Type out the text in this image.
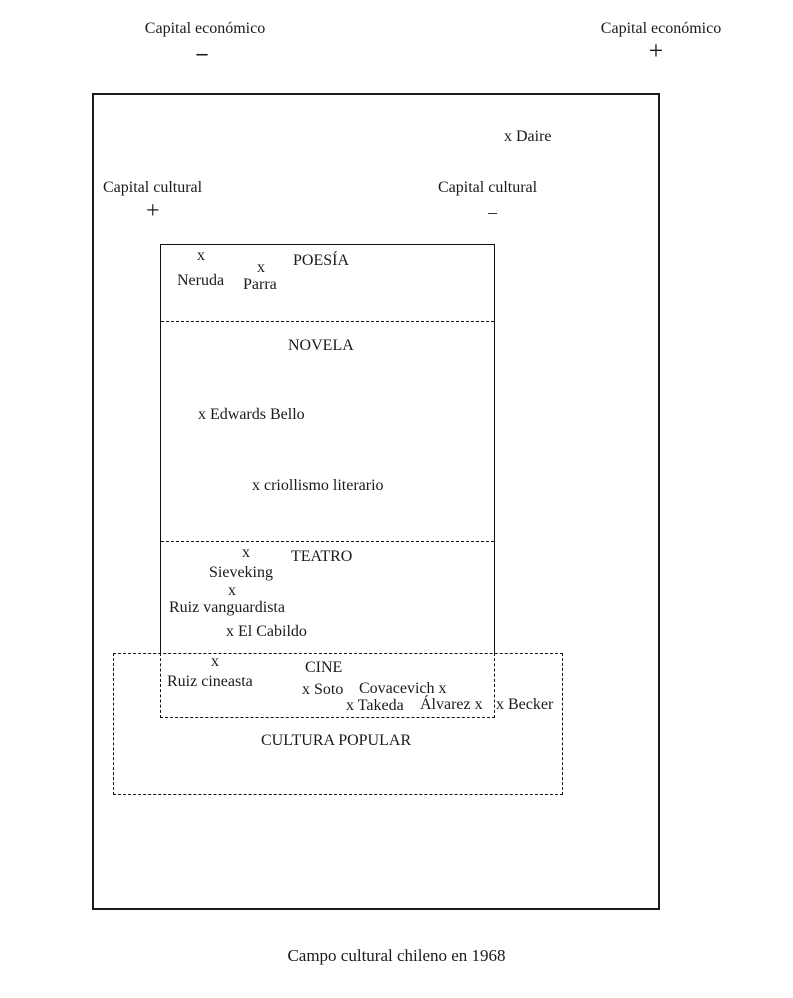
Capital económico
–
Capital económico
+
x Daire
Capital cultural
+
Capital cultural
–
POESÍA
x
Neruda
x
Parra
NOVELA
x Edwards Bello
x criollismo literario
TEATRO
x
Sieveking
x
Ruiz vanguardista
x El Cabildo
CINE
x
Ruiz cineasta	x Soto Covacevich x
x Takeda Álvarez x x Becker
CULTURA POPULAR
Campo cultural chileno en 1968
